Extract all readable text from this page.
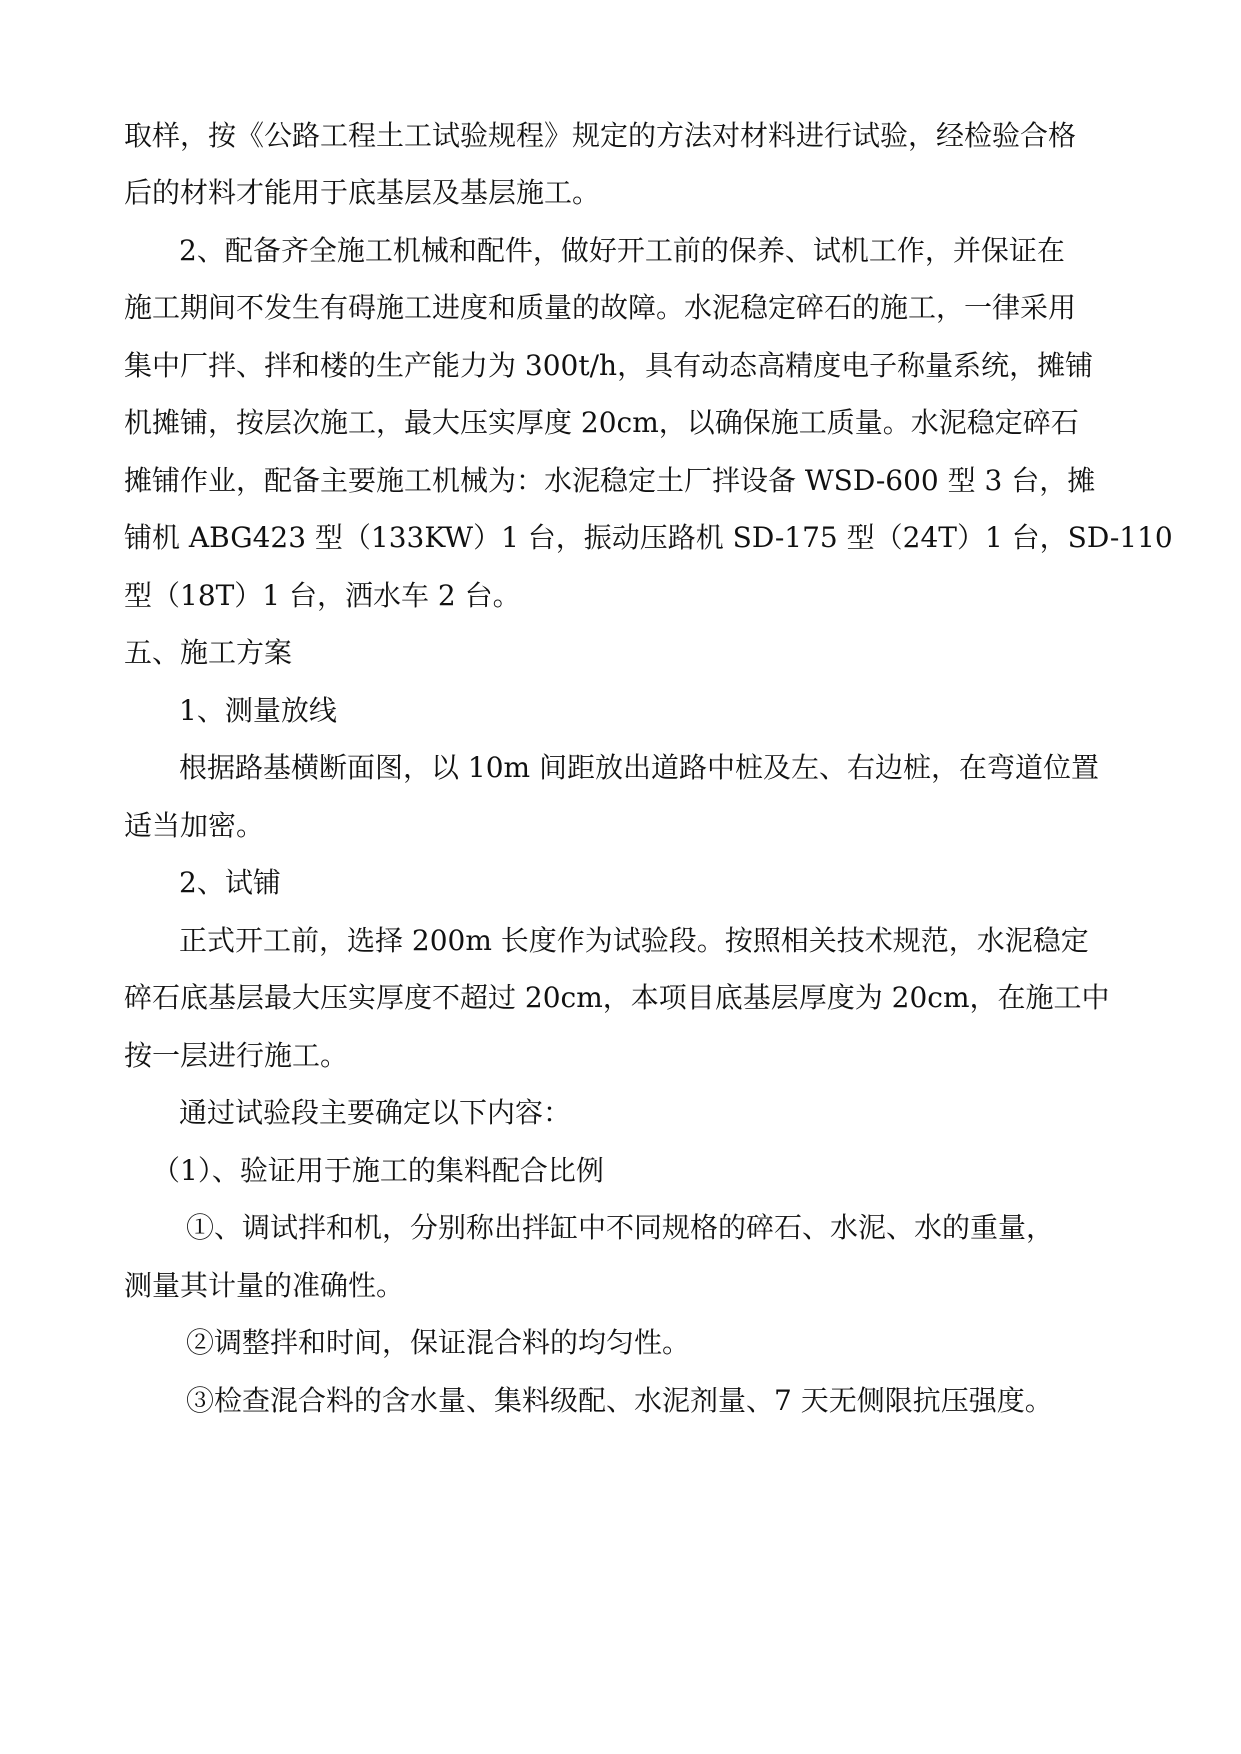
取样，按《公路工程土工试验规程》规定的方法对材料进行试验，经检验合格
后的材料才能用于底基层及基层施工。
2、配备齐全施工机械和配件，做好开工前的保养、试机工作，并保证在
施工期间不发生有碍施工进度和质量的故障。水泥稳定碎石的施工，一律采用
集中厂拌、拌和楼的生产能力为 300t/h，具有动态高精度电子称量系统，摊铺
机摊铺，按层次施工，最大压实厚度 20cm，以确保施工质量。水泥稳定碎石
摊铺作业，配备主要施工机械为：水泥稳定土厂拌设备 WSD-600 型 3 台，摊
铺机 ABG423 型（133KW）1 台，振动压路机 SD-175 型（24T）1 台，SD-110
型（18T）1 台，洒水车 2 台。
五、施工方案
1、测量放线
根据路基横断面图，以 10m 间距放出道路中桩及左、右边桩，在弯道位置
适当加密。
2、试铺
正式开工前，选择 200m 长度作为试验段。按照相关技术规范，水泥稳定
碎石底基层最大压实厚度不超过 20cm，本项目底基层厚度为 20cm，在施工中
按一层进行施工。
通过试验段主要确定以下内容：
（1）、验证用于施工的集料配合比例
①、调试拌和机，分别称出拌缸中不同规格的碎石、水泥、水的重量，
测量其计量的准确性。
②调整拌和时间，保证混合料的均匀性。
③检查混合料的含水量、集料级配、水泥剂量、7 天无侧限抗压强度。
